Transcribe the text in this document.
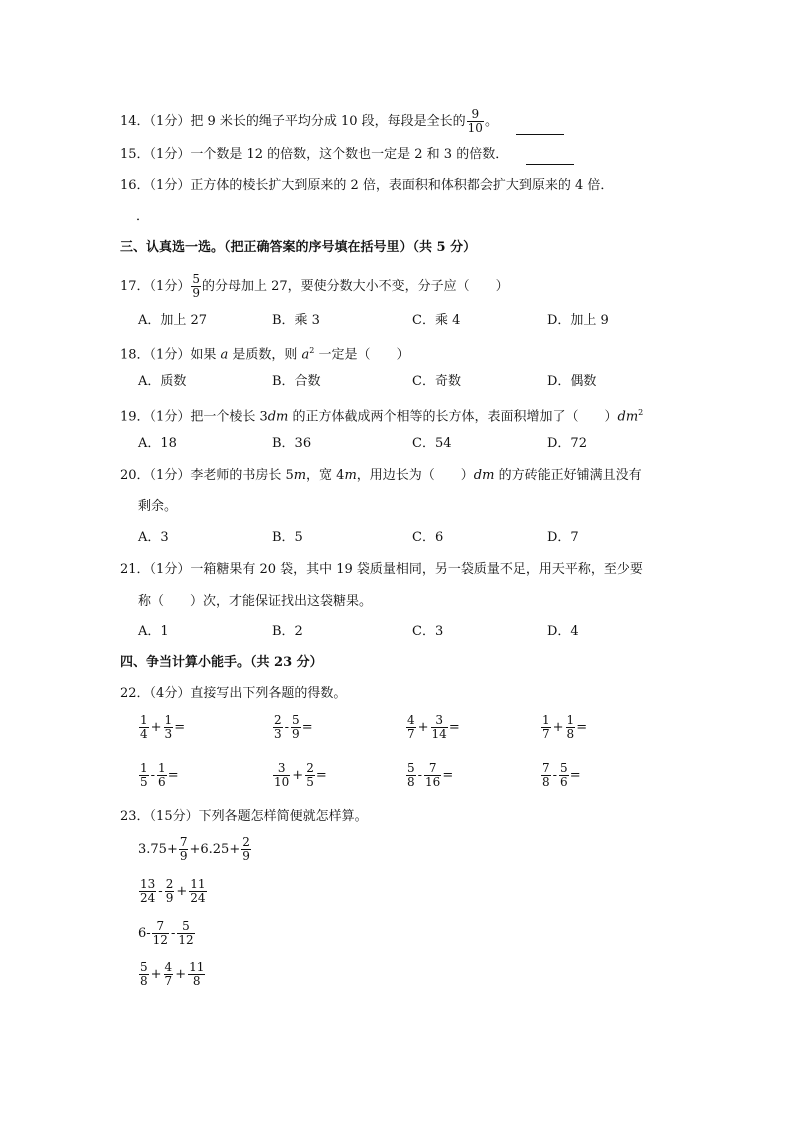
14．（1分）把 9 米长的绳子平均分成 10 段，每段是全长的 $\frac{9}{10}$ 。
15．（1分）一个数是 12 的倍数，这个数也一定是 2 和 3 的倍数．
16．（1分）正方体的棱长扩大到原来的 2 倍，表面积和体积都会扩大到原来的 4 倍．
．
三、认真选一选。（把正确答案的序号填在括号里）（共 5 分）
17．（1分） $\frac{5}{9}$ 的分母加上 27，要使分数大小不变，分子应（　　）
A．加上 27	B．乘 3	C．乘 4	D．加上 9
18．（1分）如果 a 是质数，则 $a^2$ 一定是（　　）
A．质数	B．合数	C．奇数	D．偶数
19．（1分）把一个棱长 3dm 的正方体截成两个相等的长方体，表面积增加了（　　）$dm^2$
A．18	B．36	C．54	D．72
20．（1分）李老师的书房长 5m，宽 4m，用边长为（　　）dm 的方砖能正好铺满且没有
剩余。
A．3	B．5	C．6	D．7
21．（1分）一箱糖果有 20 袋，其中 19 袋质量相同，另一袋质量不足，用天平称，至少要
称（　　）次，才能保证找出这袋糖果。
A．1	B．2	C．3	D．4
四、争当计算小能手。（共 23 分）
22．（4分）直接写出下列各题的得数。
$\frac{1}{4} + \frac{1}{3}$ =	$\frac{2}{3} - \frac{5}{9}$ =	$\frac{4}{7} + \frac{3}{14}$ =	$\frac{1}{7} + \frac{1}{8}$ =
$\frac{1}{5} - \frac{1}{6}$ =	$\frac{3}{10} + \frac{2}{5}$ =	$\frac{5}{8} - \frac{7}{16}$ =	$\frac{7}{8} - \frac{5}{6}$ =
23．（15分）下列各题怎样简便就怎样算。
$3.75+ \frac{7}{9} +6.25+ \frac{2}{9}$
$\frac{13}{24} - \frac{2}{9} + \frac{11}{24}$
$6- \frac{7}{12} - \frac{5}{12}$
$\frac{5}{8} + \frac{4}{7} + \frac{11}{8}$
